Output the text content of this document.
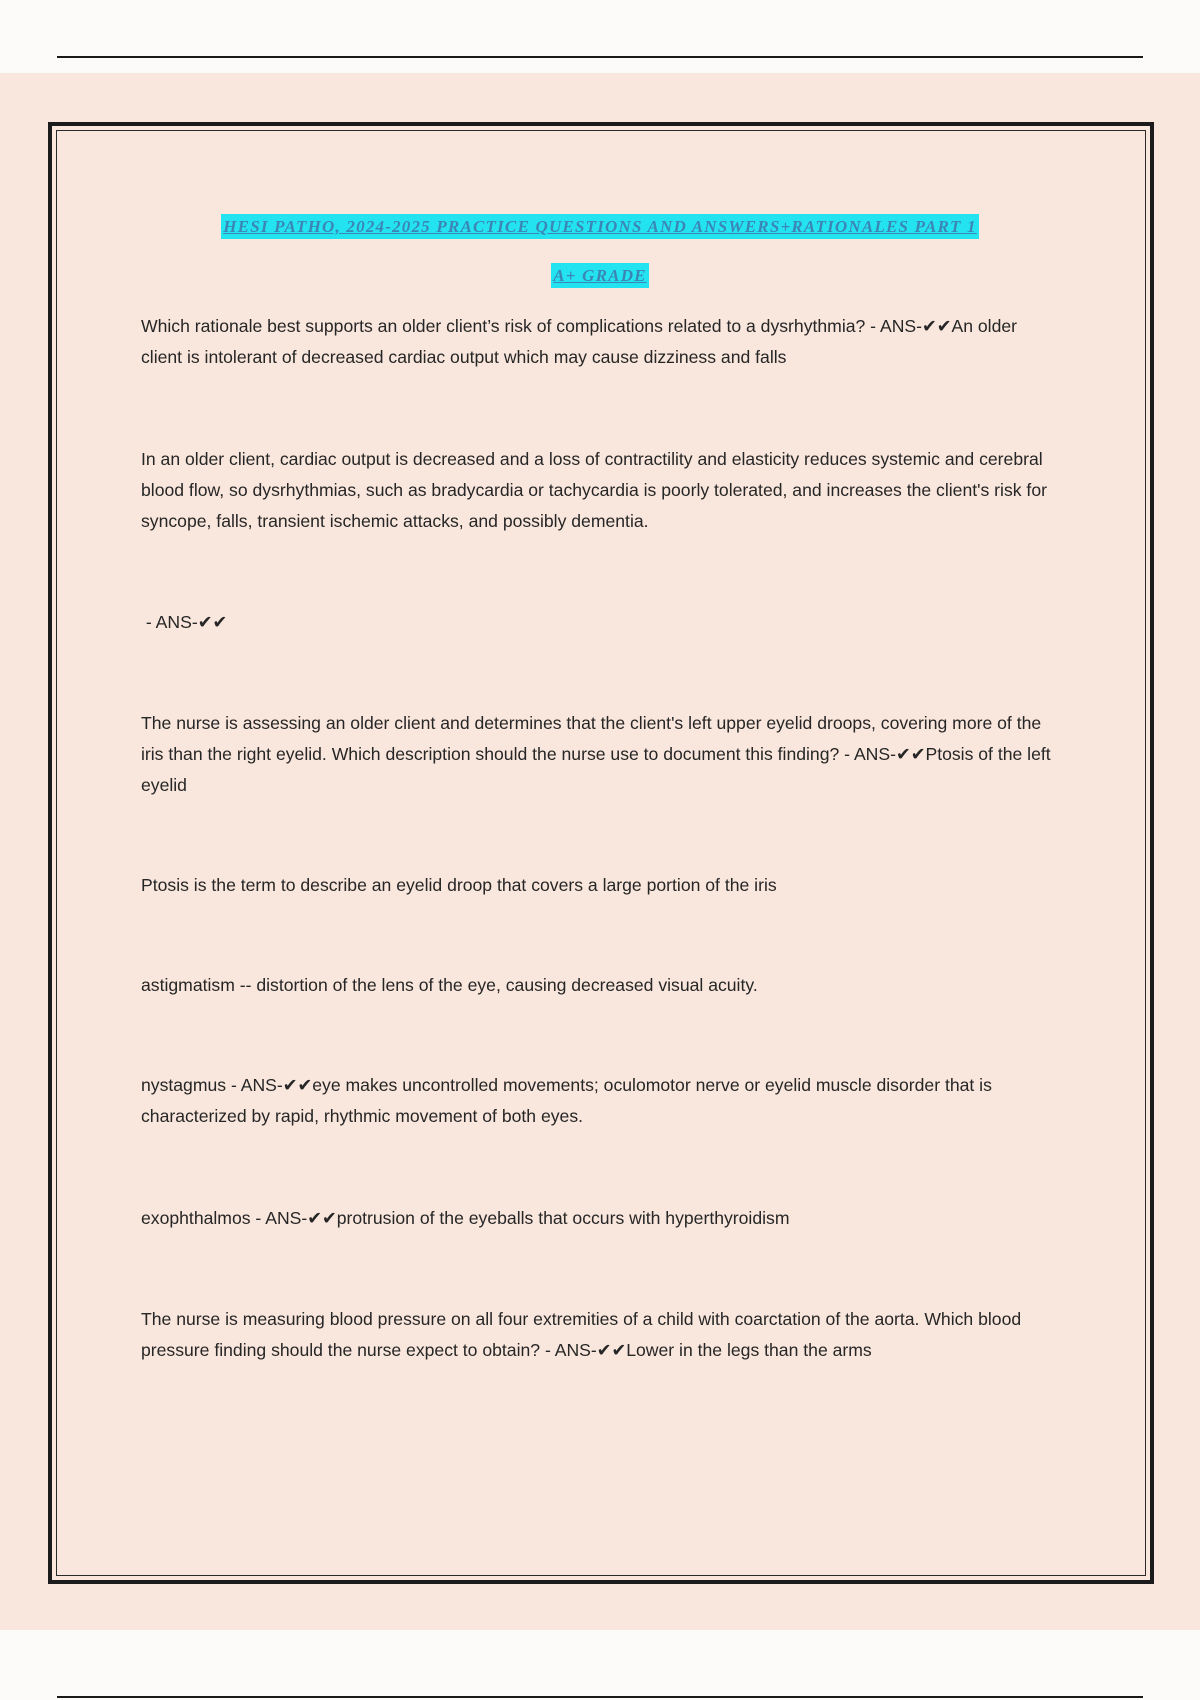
HESI PATHO, 2024-2025 PRACTICE QUESTIONS AND ANSWERS+RATIONALES PART 1
A+ GRADE
Which rationale best supports an older client’s risk of complications related to a dysrhythmia? - ANS-✔✔An older client is intolerant of decreased cardiac output which may cause dizziness and falls
In an older client, cardiac output is decreased and a loss of contractility and elasticity reduces systemic and cerebral blood flow, so dysrhythmias, such as bradycardia or tachycardia is poorly tolerated, and increases the client's risk for syncope, falls, transient ischemic attacks, and possibly dementia.
- ANS-✔✔
The nurse is assessing an older client and determines that the client's left upper eyelid droops, covering more of the iris than the right eyelid. Which description should the nurse use to document this finding? - ANS-✔✔Ptosis of the left eyelid
Ptosis is the term to describe an eyelid droop that covers a large portion of the iris
astigmatism -- distortion of the lens of the eye, causing decreased visual acuity.
nystagmus - ANS-✔✔eye makes uncontrolled movements; oculomotor nerve or eyelid muscle disorder that is characterized by rapid, rhythmic movement of both eyes.
exophthalmos - ANS-✔✔protrusion of the eyeballs that occurs with hyperthyroidism
The nurse is measuring blood pressure on all four extremities of a child with coarctation of the aorta. Which blood pressure finding should the nurse expect to obtain? - ANS-✔✔Lower in the legs than the arms
